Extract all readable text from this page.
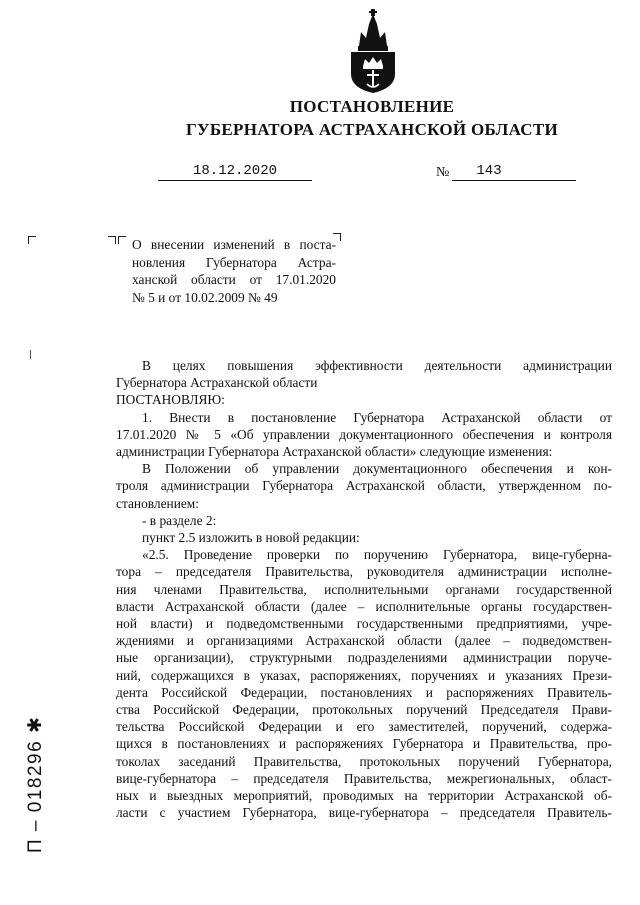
ПОСТАНОВЛЕНИЕ
ГУБЕРНАТОРА АСТРАХАНСКОЙ ОБЛАСТИ
18.12.2020	№	143
О внесении изменений в поста-
новления Губернатора Астра-
ханской области от 17.01.2020
№ 5 и от 10.02.2009 № 49
В целях повышения эффективности деятельности администрации
Губернатора Астраханской области
ПОСТАНОВЛЯЮ:
1. Внести в постановление Губернатора Астраханской области от
17.01.2020 № 5 «Об управлении документационного обеспечения и контроля
администрации Губернатора Астраханской области» следующие изменения:
В Положении об управлении документационного обеспечения и кон-
троля администрации Губернатора Астраханской области, утвержденном по-
становлением:
- в разделе 2:
пункт 2.5 изложить в новой редакции:
«2.5. Проведение проверки по поручению Губернатора, вице-губерна-
тора – председателя Правительства, руководителя администрации исполне-
ния членами Правительства, исполнительными органами государственной
власти Астраханской области (далее – исполнительные органы государствен-
ной власти) и подведомственными государственными предприятиями, учре-
ждениями и организациями Астраханской области (далее – подведомствен-
ные организации), структурными подразделениями администрации поруче-
ний, содержащихся в указах, распоряжениях, поручениях и указаниях Прези-
дента Российской Федерации, постановлениях и распоряжениях Правитель-
ства Российской Федерации, протокольных поручений Председателя Прави-
тельства Российской Федерации и его заместителей, поручений, содержа-
щихся в постановлениях и распоряжениях Губернатора и Правительства, про-
токолах заседаний Правительства, протокольных поручений Губернатора,
вице-губернатора – председателя Правительства, межрегиональных, област-
ных и выездных мероприятий, проводимых на территории Астраханской об-
ласти с участием Губернатора, вице-губернатора – председателя Правитель-
П – 018296 ✱
